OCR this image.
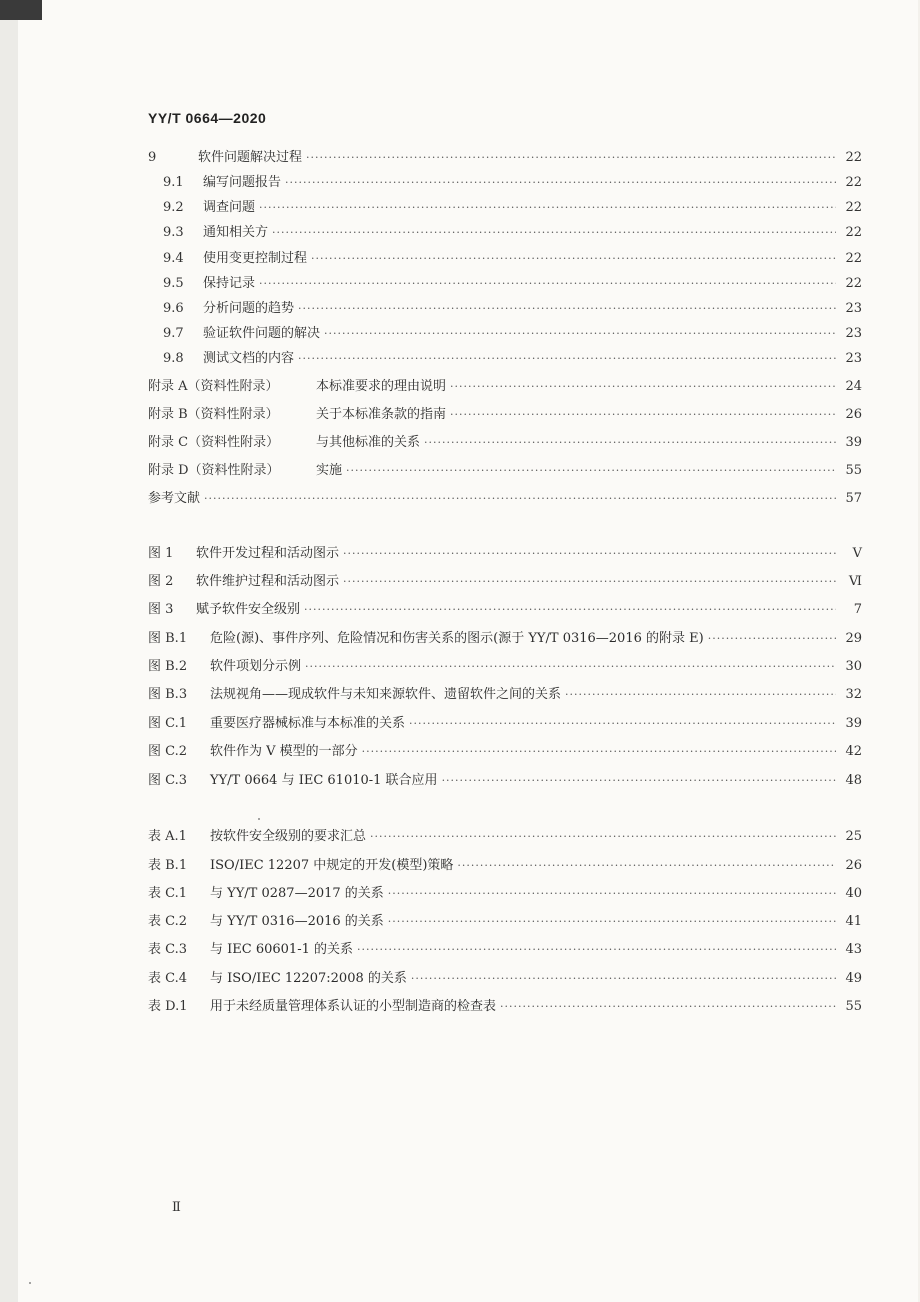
YY/T 0664—2020
9	软件问题解决过程 ·····	22
9.1	编写问题报告 ·····	22
9.2	调查问题 ·····	22
9.3	通知相关方 ·····	22
9.4	使用变更控制过程 ·····	22
9.5	保持记录 ·····	22
9.6	分析问题的趋势 ·····	23
9.7	验证软件问题的解决 ·····	23
9.8	测试文档的内容 ·····	23
附录 A（资料性附录）	本标准要求的理由说明 ·····	24
附录 B（资料性附录）	关于本标准条款的指南 ·····	26
附录 C（资料性附录）	与其他标准的关系 ·····	39
附录 D（资料性附录）	实施 ·····	55
参考文献 ·····	57
图 1	软件开发过程和活动图示 ·····	V
图 2	软件维护过程和活动图示 ·····	Ⅵ
图 3	赋予软件安全级别 ·····	7
图 B.1	危险(源)、事件序列、危险情况和伤害关系的图示(源于 YY/T 0316—2016 的附录 E) ·····	29
图 B.2	软件项划分示例 ·····	30
图 B.3	法规视角——现成软件与未知来源软件、遗留软件之间的关系 ·····	32
图 C.1	重要医疗器械标准与本标准的关系 ·····	39
图 C.2	软件作为 V 模型的一部分 ·····	42
图 C.3	YY/T 0664 与 IEC 61010-1 联合应用 ·····	48
表 A.1	按软件安全级别的要求汇总 ·····	25
表 B.1	ISO/IEC 12207 中规定的开发(模型)策略 ·····	26
表 C.1	与 YY/T 0287—2017 的关系 ·····	40
表 C.2	与 YY/T 0316—2016 的关系 ·····	41
表 C.3	与 IEC 60601-1 的关系 ·····	43
表 C.4	与 ISO/IEC 12207:2008 的关系 ·····	49
表 D.1	用于未经质量管理体系认证的小型制造商的检查表 ·····	55
Ⅱ
